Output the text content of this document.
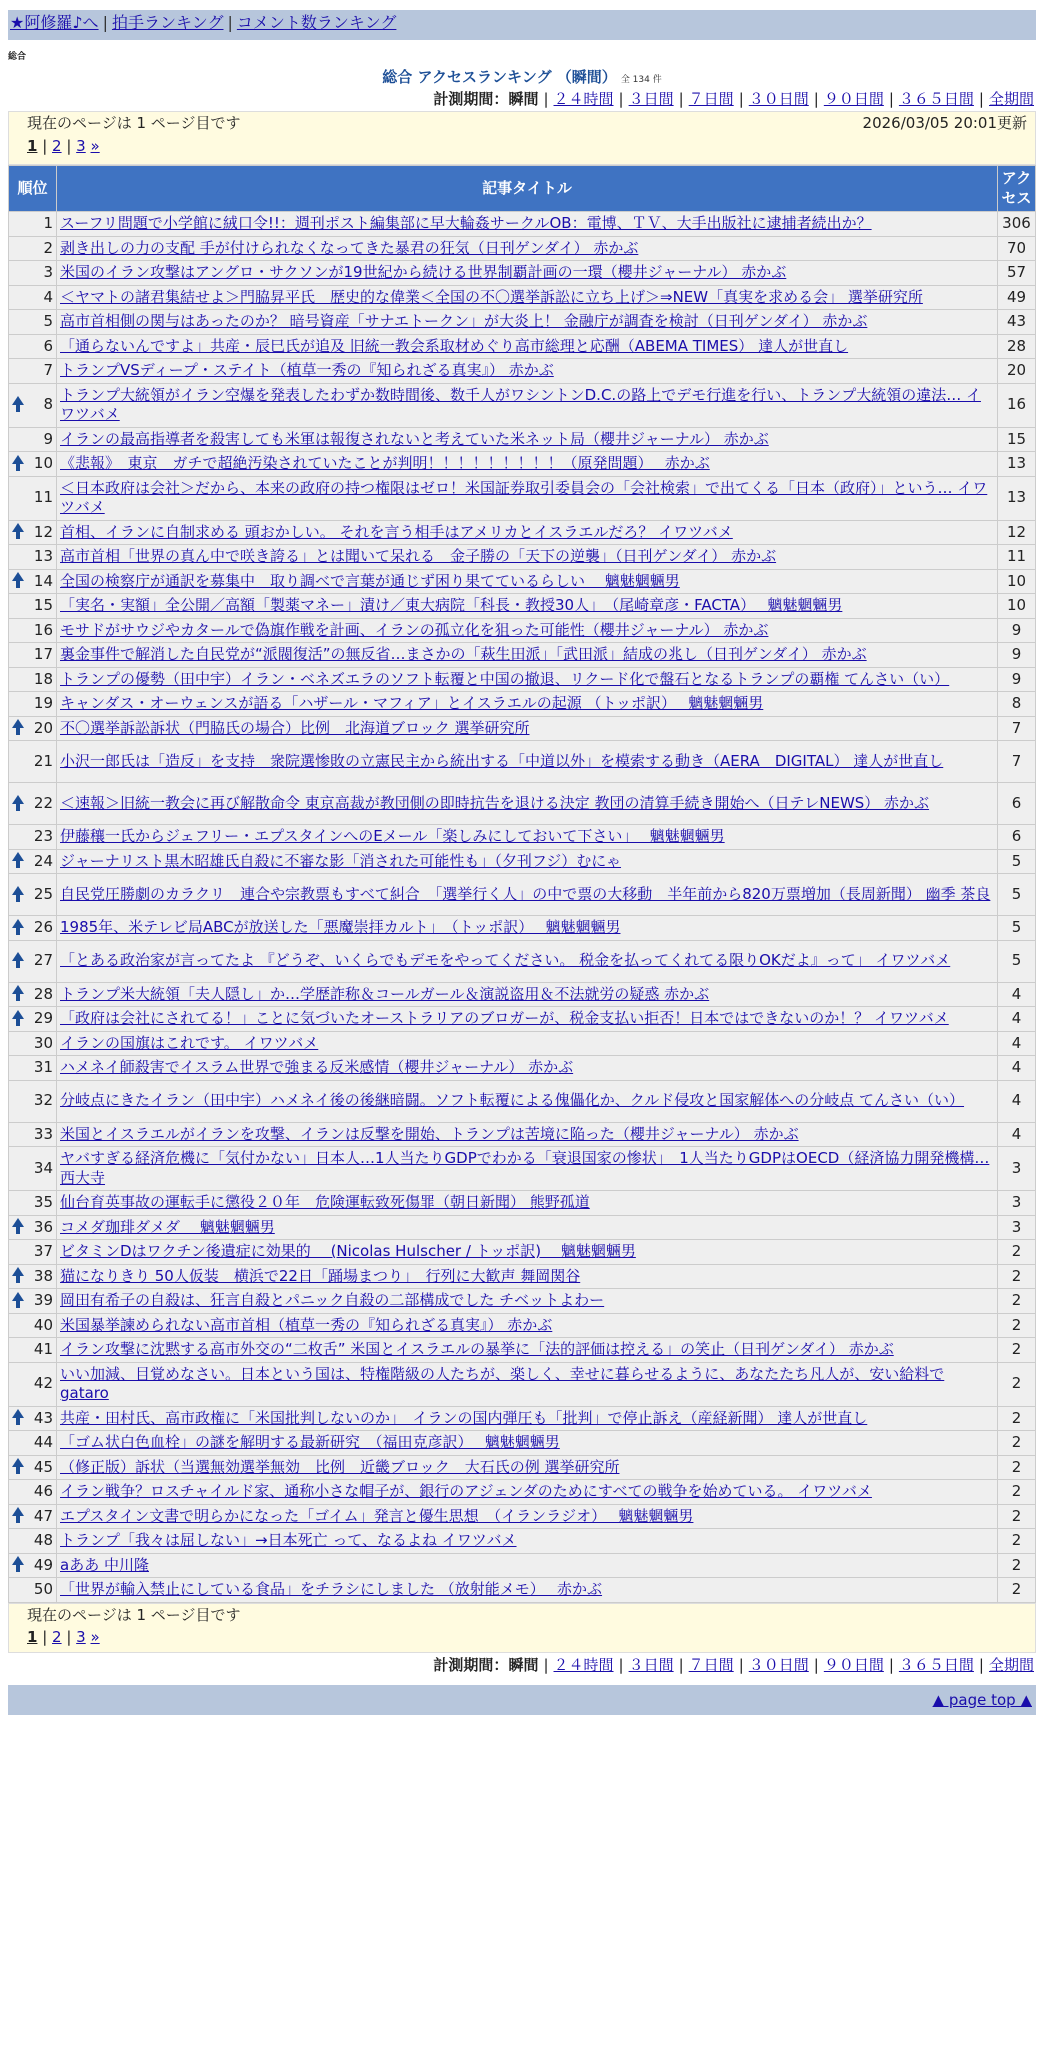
★阿修羅♪へ | 拍手ランキング | コメント数ランキング
総合
総合 アクセスランキング （瞬間） 全 134 件
計測期間：瞬間 | ２４時間 | ３日間 | ７日間 | ３０日間 | ９０日間 | ３６５日間 | 全期間
現在のページは 1 ページ目です	2026/03/05 20:01更新
1 | 2 | 3 »
順位	記事タイトル	アクセス
1	スーフリ問題で小学館に絨口令!!：週刊ポスト編集部に早大輪姦サークルOB：電博、ＴＶ、大手出版社に逮捕者続出か？	306
2	剥き出しの力の支配 手が付けられなくなってきた暴君の狂気（日刊ゲンダイ） 赤かぶ	70
3	米国のイラン攻撃はアングロ・サクソンが19世紀から続ける世界制覇計画の一環（櫻井ジャーナル） 赤かぶ	57
4	＜ヤマトの諸君集結せよ＞門脇昇平氏　歴史的な偉業＜全国の不〇選挙訴訟に立ち上げ＞⇒NEW「真実を求める会」 選挙研究所	49
5	高市首相側の関与はあったのか？ 暗号資産「サナエトークン」が大炎上！ 金融庁が調査を検討（日刊ゲンダイ） 赤かぶ	43
6	「通らないんですよ」共産・辰巳氏が追及 旧統一教会系取材めぐり高市総理と応酬（ABEMA TIMES） 達人が世直し	28
7	トランプVSディープ・ステイト（植草一秀の『知られざる真実』） 赤かぶ	20

8	トランプ大統領がイラン空爆を発表したわずか数時間後、数千人がワシントンD.C.の路上でデモ行進を行い、トランプ大統領の違法… イワツバメ	16
9	イランの最高指導者を殺害しても米軍は報復されないと考えていた米ネット局（櫻井ジャーナル） 赤かぶ	15

10	《悲報》　東京　ガチで超絶汚染されていたことが判明！！！！！！！！！（原発問題）　 赤かぶ	13
11	＜日本政府は会社＞だから、本来の政府の持つ権限はゼロ！米国証券取引委員会の「会社検索」で出てくる「日本（政府）」という… イワツバメ	13

12	首相、イランに自制求める 頭おかしい。 それを言う相手はアメリカとイスラエルだろ？ イワツバメ	12
13	高市首相「世界の真ん中で咲き誇る」とは聞いて呆れる　金子勝の「天下の逆襲」（日刊ゲンダイ） 赤かぶ	11

14	全国の検察庁が通訳を募集中　取り調べで言葉が通じず困り果てているらしい　 魑魅魍魎男	10
15	「実名・実額」全公開／高額「製薬マネー」漬け／東大病院「科長・教授30人」　（尾崎章彦・FACTA）　 魑魅魍魎男	10
16	モサドがサウジやカタールで偽旗作戦を計画、イランの孤立化を狙った可能性（櫻井ジャーナル） 赤かぶ	9
17	裏金事件で解消した自民党が“派閥復活”の無反省…まさかの「萩生田派」「武田派」結成の兆し（日刊ゲンダイ） 赤かぶ	9
18	トランプの優勢（田中宇）イラン・ベネズエラのソフト転覆と中国の撤退、リクード化で盤石となるトランプの覇権 てんさい（い）	9
19	キャンダス・オーウェンスが語る「ハザール・マフィア」とイスラエルの起源 （トッポ訳）　 魑魅魍魎男	8

20	不〇選挙訴訟訴状（門脇氏の場合）比例　北海道ブロック 選挙研究所	7
21	小沢一郎氏は「造反」を支持　衆院選惨敗の立憲民主から統出する「中道以外」を模索する動き（AERA　DIGITAL） 達人が世直し	7

22	＜速報＞旧統一教会に再び解散命令 東京高裁が教団側の即時抗告を退ける決定 教団の清算手続き開始へ（日テレNEWS） 赤かぶ	6
23	伊藤穰一氏からジェフリー・エプスタインへのEメール「楽しみにしておいて下さい」　 魑魅魍魎男	6

24	ジャーナリスト黒木昭雄氏自殺に不審な影「消された可能性も」（夕刊フジ）むにゃ	5

25	自民党圧勝劇のカラクリ　連合や宗教票もすべて糾合　「選挙行く人」の中で票の大移動　半年前から820万票増加（長周新聞） 幽季 茶良	5

26	1985年、米テレビ局ABCが放送した「悪魔崇拝カルト」　（トッポ訳）　 魑魅魍魎男	5

27	「とある政治家が言ってたよ 『どうぞ、いくらでもデモをやってください。 税金を払ってくれてる限りOKだよ』って」 イワツバメ	5

28	トランプ米大統領「夫人隠し」か…学歴詐称＆コールガール＆演説盗用＆不法就労の疑惑 赤かぶ	4

29	「政府は会社にされてる！」ことに気づいたオーストラリアのブロガーが、税金支払い拒否！日本ではできないのか！？ イワツバメ	4
30	イランの国旗はこれです。 イワツバメ	4
31	ハメネイ師殺害でイスラム世界で強まる反米感情（櫻井ジャーナル） 赤かぶ	4
32	分岐点にきたイラン（田中宇）ハメネイ後の後継暗闘。ソフト転覆による傀儡化か、クルド侵攻と国家解体への分岐点 てんさい（い）	4
33	米国とイスラエルがイランを攻撃、イランは反撃を開始、トランプは苦境に陥った（櫻井ジャーナル） 赤かぶ	4
34	ヤバすぎる経済危機に「気付かない」日本人…1人当たりGDPでわかる「衰退国家の惨状」　1人当たりGDPはOECD（経済協力開発機構… 西大寺	3
35	仙台育英事故の運転手に懲役２０年　危険運転致死傷罪（朝日新聞） 熊野孤道	3

36	コメダ珈琲ダメダ　 魑魅魍魎男	3
37	ビタミンDはワクチン後遺症に効果的　 (Nicolas Hulscher / トッポ訳)　 魑魅魍魎男	2

38	猫になりきり 50人仮装　横浜で22日「踊場まつり」　行列に大歓声 舞岡関谷	2

39	岡田有希子の自殺は、狂言自殺とパニック自殺の二部構成でした チベットよわー	2
40	米国暴挙諫められない高市首相（植草一秀の『知られざる真実』） 赤かぶ	2
41	イラン攻撃に沈黙する高市外交の“二枚舌” 米国とイスラエルの暴挙に「法的評価は控える」の笑止（日刊ゲンダイ） 赤かぶ	2
42	いい加減、目覚めなさい。日本という国は、特権階級の人たちが、楽しく、幸せに暮らせるように、あなたたち凡人が、安い給料で gataro	2

43	共産・田村氏、高市政権に「米国批判しないのか」　イランの国内弾圧も「批判」で停止訴え（産経新聞） 達人が世直し	2
44	「ゴム状白色血栓」の謎を解明する最新研究　（福田克彦訳）　 魑魅魍魎男	2

45	（修正版）訴状（当選無効選挙無効　比例　近畿ブロック　大石氏の例 選挙研究所	2
46	イラン戦争？ロスチャイルド家、通称小さな帽子が、銀行のアジェンダのためにすべての戦争を始めている。 イワツバメ	2

47	エプスタイン文書で明らかになった「ゴイム」発言と優生思想　（イランラジオ）　 魑魅魍魎男	2
48	トランプ「我々は屈しない」→日本死亡 って、なるよね イワツバメ	2

49	aああ 中川隆	2
50	「世界が輸入禁止にしている食品」をチラシにしました （放射能メモ）　 赤かぶ	2
現在のページは 1 ページ目です
1 | 2 | 3 »
計測期間：瞬間 | ２４時間 | ３日間 | ７日間 | ３０日間 | ９０日間 | ３６５日間 | 全期間
▲ page top ▲
